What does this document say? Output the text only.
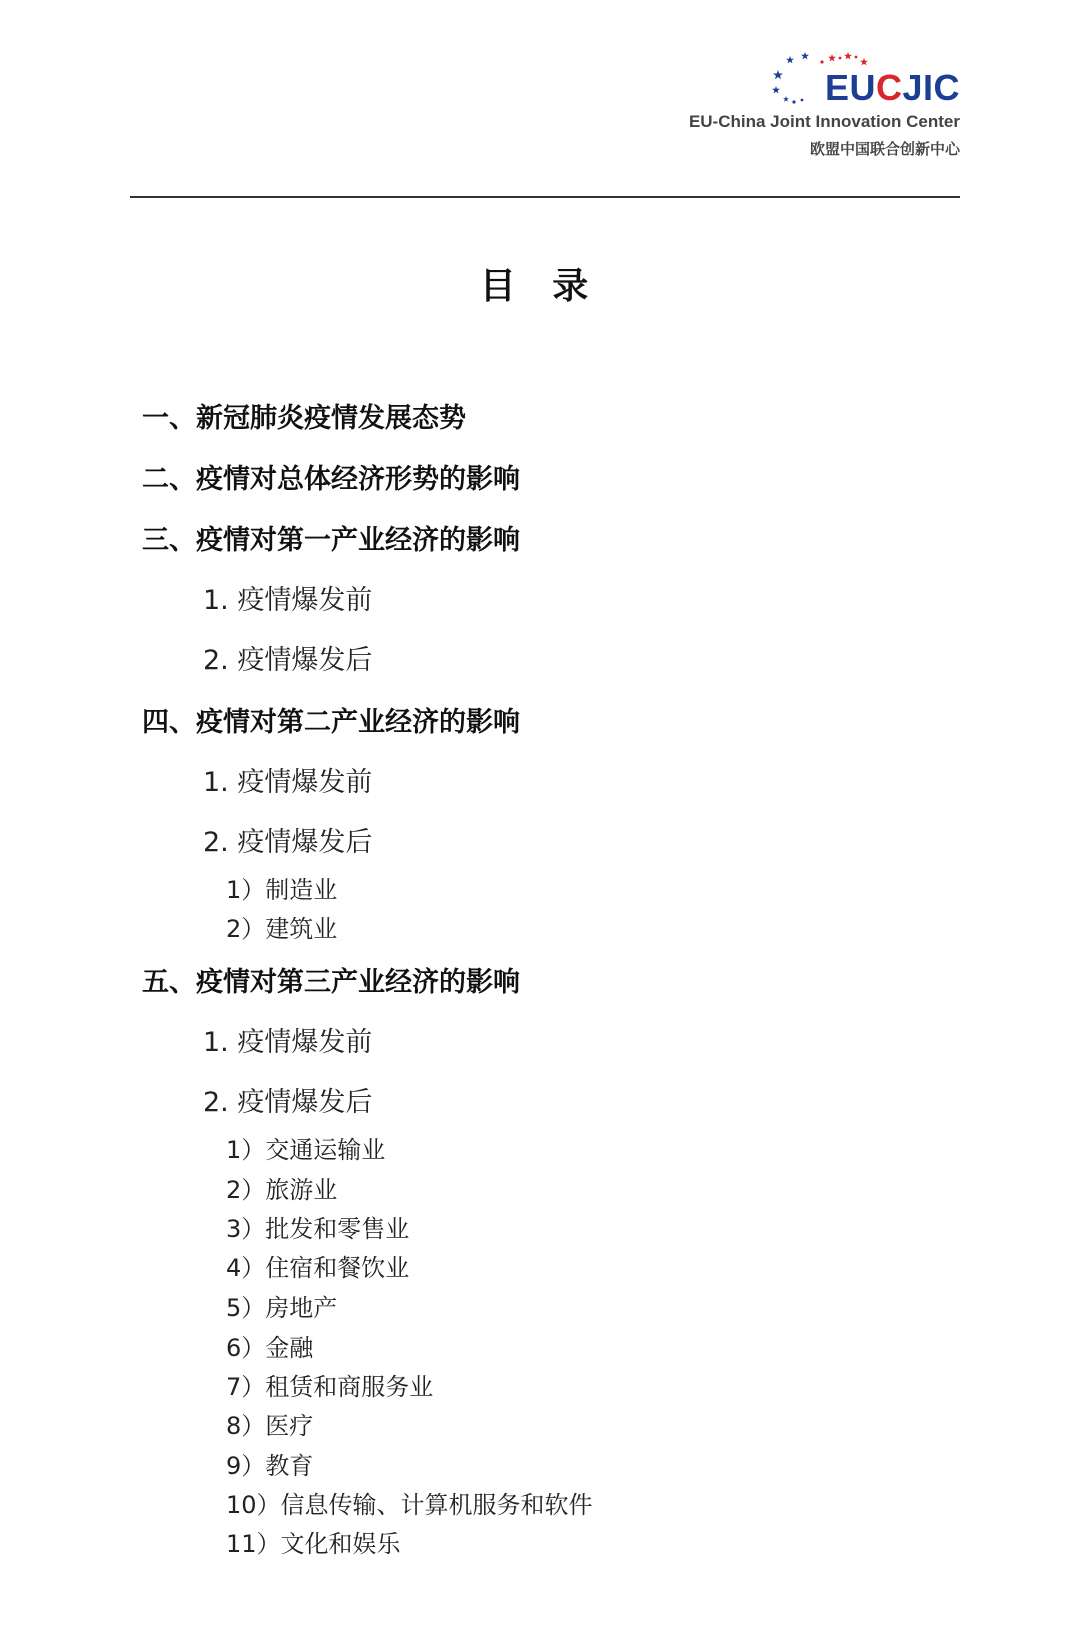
EUCJIC
EU-China Joint Innovation Center
欧盟中国联合创新中心
目 录
一、新冠肺炎疫情发展态势
二、疫情对总体经济形势的影响
三、疫情对第一产业经济的影响
1. 疫情爆发前
2. 疫情爆发后
四、疫情对第二产业经济的影响
1. 疫情爆发前
2. 疫情爆发后
1）制造业
2）建筑业
五、疫情对第三产业经济的影响
1. 疫情爆发前
2. 疫情爆发后
1）交通运输业
2）旅游业
3）批发和零售业
4）住宿和餐饮业
5）房地产
6）金融
7）租赁和商服务业
8）医疗
9）教育
10）信息传输、计算机服务和软件
11）文化和娱乐
